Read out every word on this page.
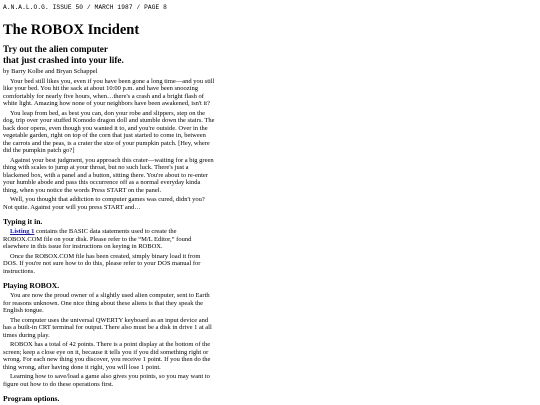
A.N.A.L.O.G. ISSUE 50 / MARCH 1987 / PAGE 8
The ROBOX Incident
Try out the alien computer
that just crashed into your life.

by Barry Kolbe and Bryan Schappel

Your bed still likes you, even if you have been gone a long time—and you still like your bed. You hit the sack at about 10:00 p.m. and have been snoozing comfortably for nearly five hours, when…there's a crash and a bright flash of white light. Amazing how none of your neighbors have been awakened, isn't it?

You leap from bed, as best you can, don your robe and slippers, step on the dog, trip over your stuffed Komodo dragon doll and stumble down the stairs. The back door opens, even though you wanted it to, and you're outside. Over in the vegetable garden, right on top of the corn that just started to come in, between the carrots and the peas, is a crater the size of your pumpkin patch. [Hey, where did the pumpkin patch go?]

Against your best judgment, you approach this crater—waiting for a big green thing with scales to jump at your throat, but no such luck. There's just a blackened box, with a panel and a button, sitting there. You're about to re-enter your humble abode and pass this occurrence off as a normal everyday kinda thing, when you notice the words Press START on the panel.

Well, you thought that addiction to computer games was cured, didn't you? Not quite. Against your will you press START and…

Typing it in.

Listing 1 contains the BASIC data statements used to create the ROBOX.COM file on your disk. Please refer to the “M/L Editor,” found elsewhere in this issue for instructions on keying in ROBOX.

Once the ROBOX.COM file has been created, simply binary load it from DOS. If you're not sure how to do this, please refer to your DOS manual for instructions.

Playing ROBOX.

You are now the proud owner of a slightly used alien computer, sent to Earth for reasons unknown. One nice thing about these aliens is that they speak the English tongue.

The computer uses the universal QWERTY keyboard as an input device and has a built-in CRT terminal for output. There also must be a disk in drive 1 at all times during play.

ROBOX has a total of 42 points. There is a point display at the bottom of the screen; keep a close eye on it, because it tells you if you did something right or wrong. For each new thing you discover, you receive 1 point. If you then do the thing wrong, after having done it right, you will lose 1 point.

Learning how to save/load a game also gives you points, so you may want to figure out how to do these operations first.

Program options.
